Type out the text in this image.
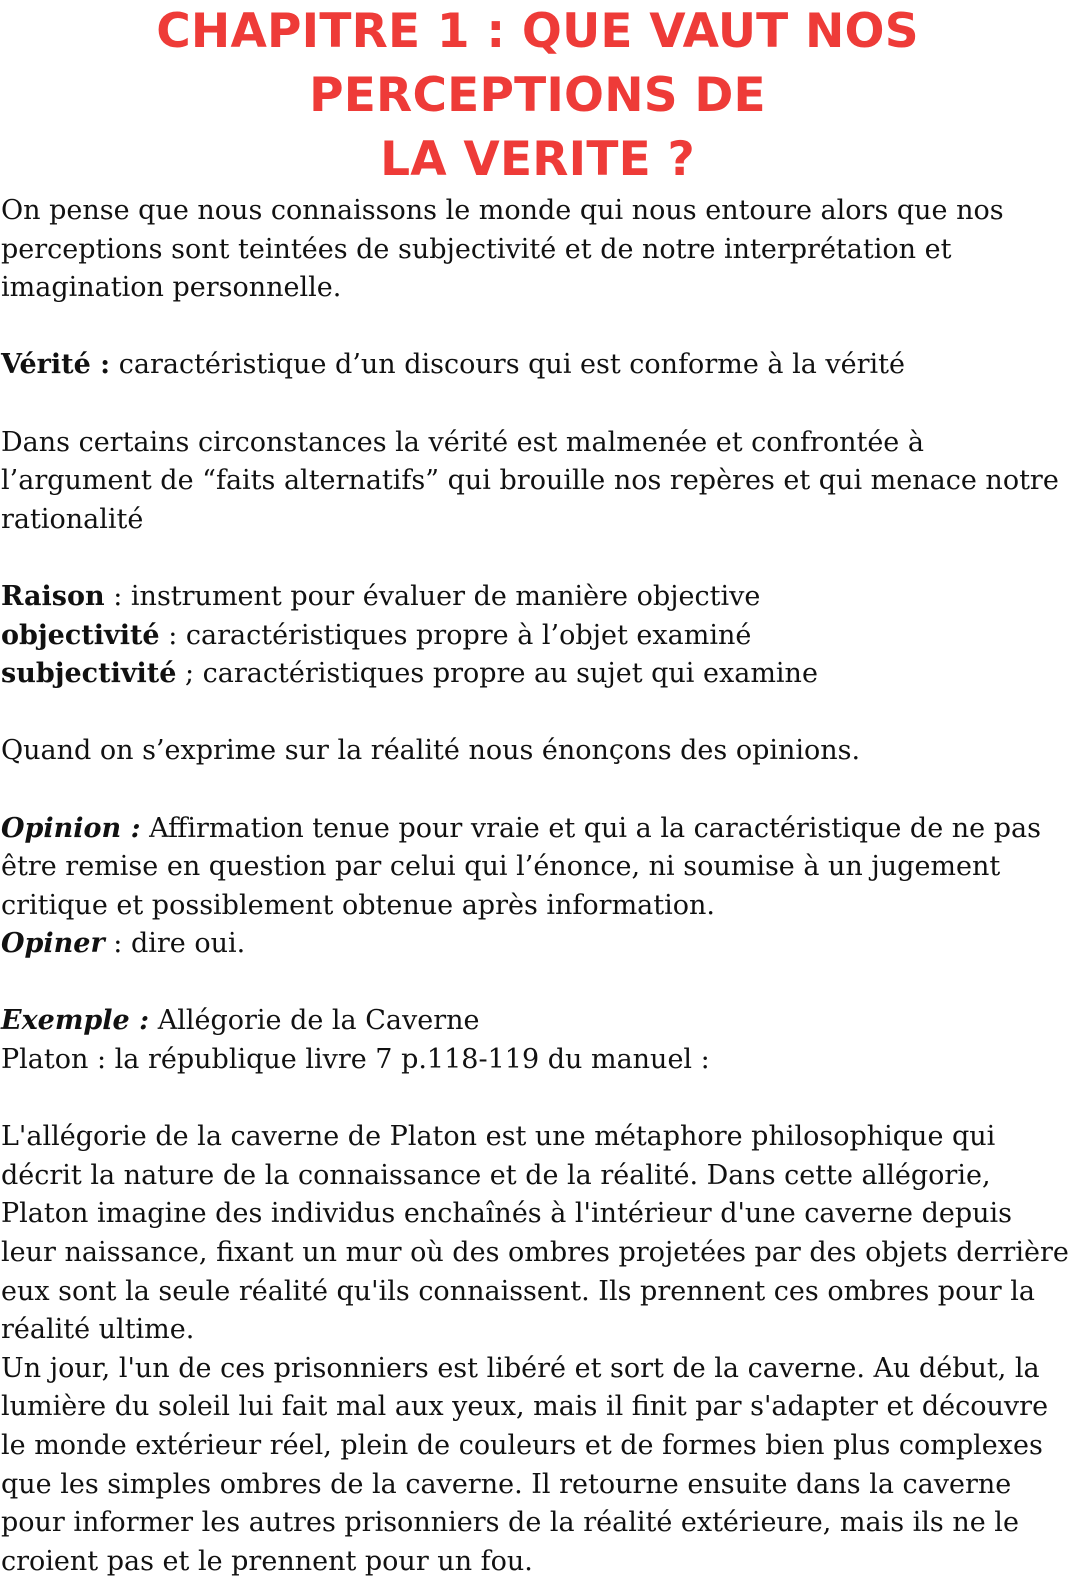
CHAPITRE 1 : QUE VAUT NOS PERCEPTIONS DE
LA VERITE ?

On pense que nous connaissons le monde qui nous entoure alors que nos perceptions sont teintées de subjectivité et de notre interprétation et imagination personnelle.

Vérité : caractéristique d’un discours qui est conforme à la vérité

Dans certains circonstances la vérité est malmenée et confrontée à l’argument de “faits alternatifs” qui brouille nos repères et qui menace notre rationalité

Raison : instrument pour évaluer de manière objective

objectivité : caractéristiques propre à l’objet examiné

subjectivité ; caractéristiques propre au sujet qui examine

Quand on s’exprime sur la réalité nous énonçons des opinions.

Opinion : Affirmation tenue pour vraie et qui a la caractéristique de ne pas être remise en question par celui qui l’énonce, ni soumise à un jugement critique et possiblement obtenue après information.

Opiner : dire oui.

Exemple : Allégorie de la Caverne

Platon : la république livre 7 p.118-119 du manuel :

L'allégorie de la caverne de Platon est une métaphore philosophique qui décrit la nature de la connaissance et de la réalité. Dans cette allégorie, Platon imagine des individus enchaînés à l'intérieur d'une caverne depuis leur naissance, fixant un mur où des ombres projetées par des objets derrière eux sont la seule réalité qu'ils connaissent. Ils prennent ces ombres pour la réalité ultime.

Un jour, l'un de ces prisonniers est libéré et sort de la caverne. Au début, la lumière du soleil lui fait mal aux yeux, mais il finit par s'adapter et découvre le monde extérieur réel, plein de couleurs et de formes bien plus complexes que les simples ombres de la caverne. Il retourne ensuite dans la caverne pour informer les autres prisonniers de la réalité extérieure, mais ils ne le croient pas et le prennent pour un fou.
